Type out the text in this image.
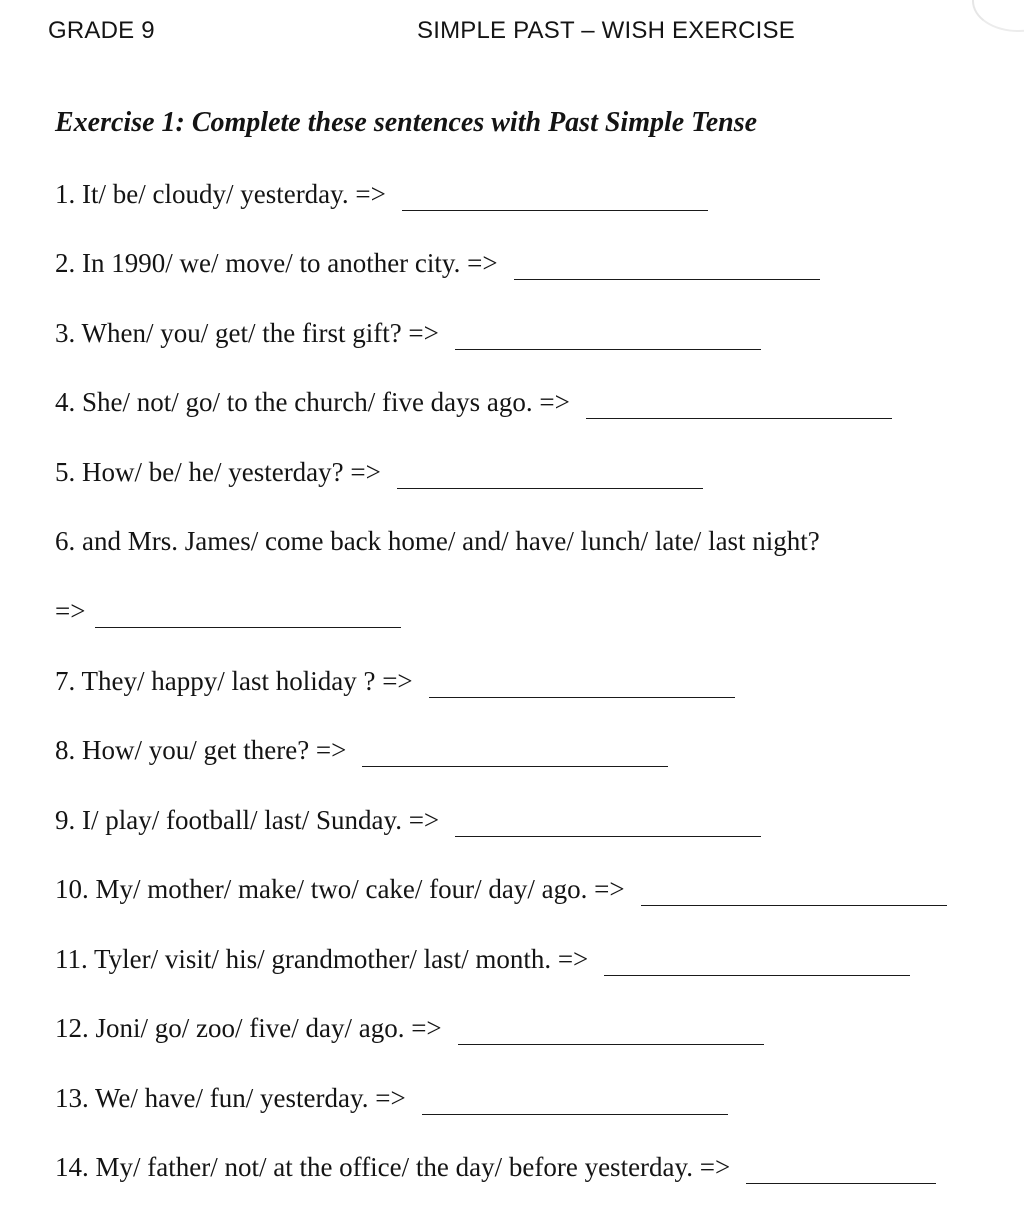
GRADE 9	SIMPLE PAST – WISH EXERCISE
Exercise 1: Complete these sentences with Past Simple Tense
1. It/ be/ cloudy/ yesterday. =>
2. In 1990/ we/ move/ to another city. =>
3. When/ you/ get/ the first gift? =>
4. She/ not/ go/ to the church/ five days ago. =>
5. How/ be/ he/ yesterday? =>
6. and Mrs. James/ come back home/ and/ have/ lunch/ late/ last night?
=>
7. They/ happy/ last holiday ? =>
8. How/ you/ get there? =>
9. I/ play/ football/ last/ Sunday. =>
10. My/ mother/ make/ two/ cake/ four/ day/ ago. =>
11. Tyler/ visit/ his/ grandmother/ last/ month. =>
12. Joni/ go/ zoo/ five/ day/ ago. =>
13. We/ have/ fun/ yesterday. =>
14. My/ father/ not/ at the office/ the day/ before yesterday. =>
